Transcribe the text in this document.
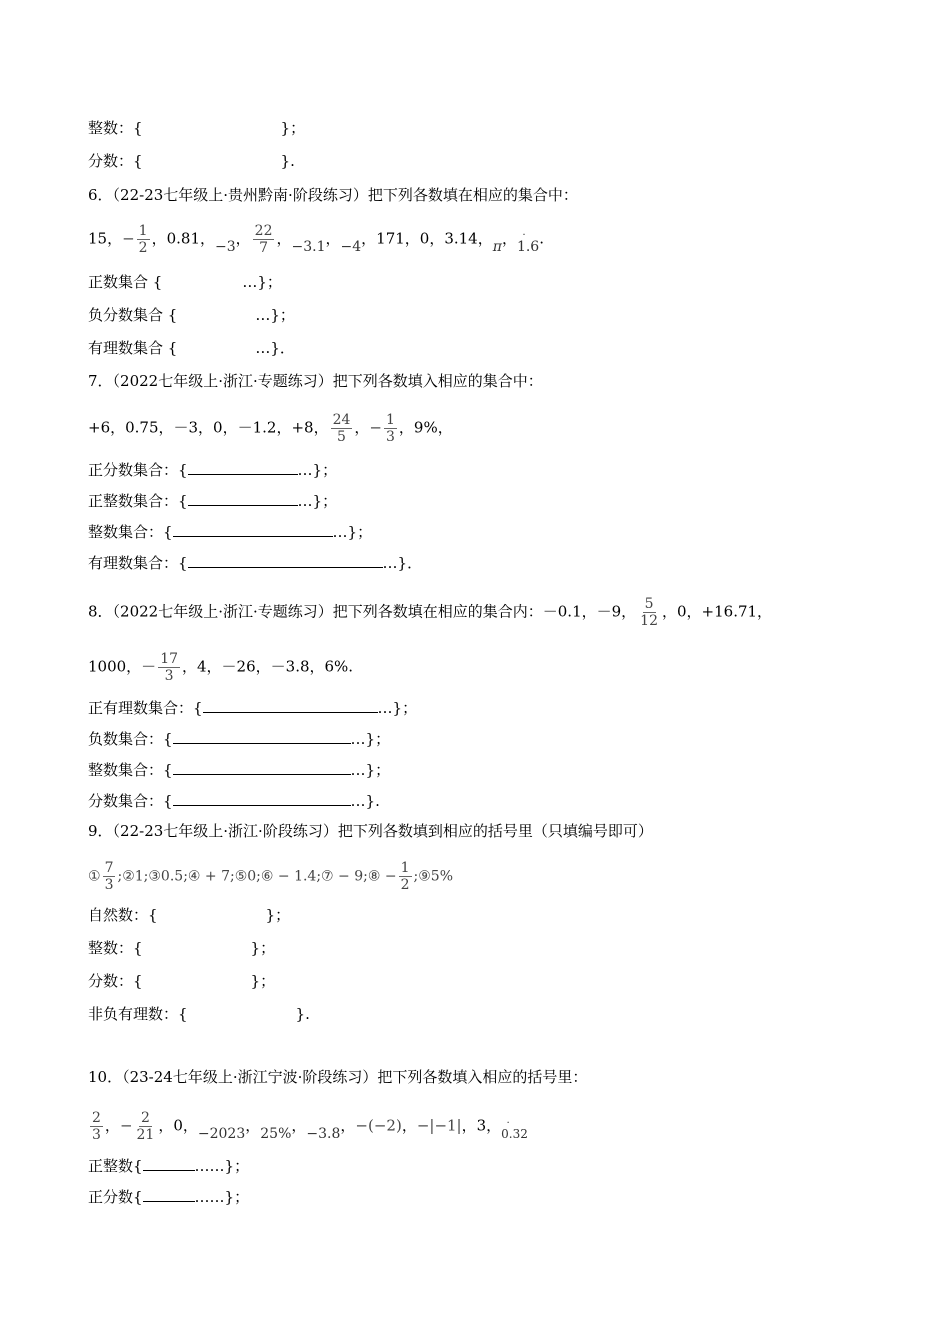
整数：{	}；
分数：{	}.
6．（22-23七年级上·贵州黔南·阶段练习）把下列各数填在相应的集合中：
15，− $\frac{1}{2}$ ，0.81，−3， $\frac{22}{7}$ ，−3.1，−4，171，0，3.14，π，1.6 ˙.
正数集合 {	…}；
负分数集合 {	…}；
有理数集合 {	…}．
7．（2022七年级上·浙江·专题练习）把下列各数填入相应的集合中：
+6，0.75，－3，0，－1.2，+8， $\frac{24}{5}$ ，− $\frac{1}{3}$ ，9%，
正分数集合：{	…}；
正整数集合：{	…}；
整数集合：{	…}；
有理数集合：{	…}．
8．（2022七年级上·浙江·专题练习）把下列各数填在相应的集合内：－0.1，－9， $\frac{5}{12}$ ，0，+16.71，
1000，－ $\frac{17}{3}$ ，4，－26，－3.8，6%.
正有理数集合：{	…}；
负数集合：{	…}；
整数集合：{	…}；
分数集合：{	…}.
9．（22-23七年级上·浙江·阶段练习）把下列各数填到相应的括号里（只填编号即可）
① $\frac{7}{3}$ ;②1;③0.5;④ + 7;⑤0;⑥ − 1.4;⑦ − 9;⑧ − $\frac{1}{2}$ ;⑨5%
自然数：{	}；
整数：{	}；
分数：{	}；
非负有理数：{	}.
10．（23-24七年级上·浙江宁波·阶段练习）把下列各数填入相应的括号里：
$\frac{2}{3}$ ，− $\frac{2}{21}$ ，0，−2023，25%，−3.8，−(−2)，−|−1|，3，$_{0.32}$ ˙
正整数{	……}；
正分数{	……}；
